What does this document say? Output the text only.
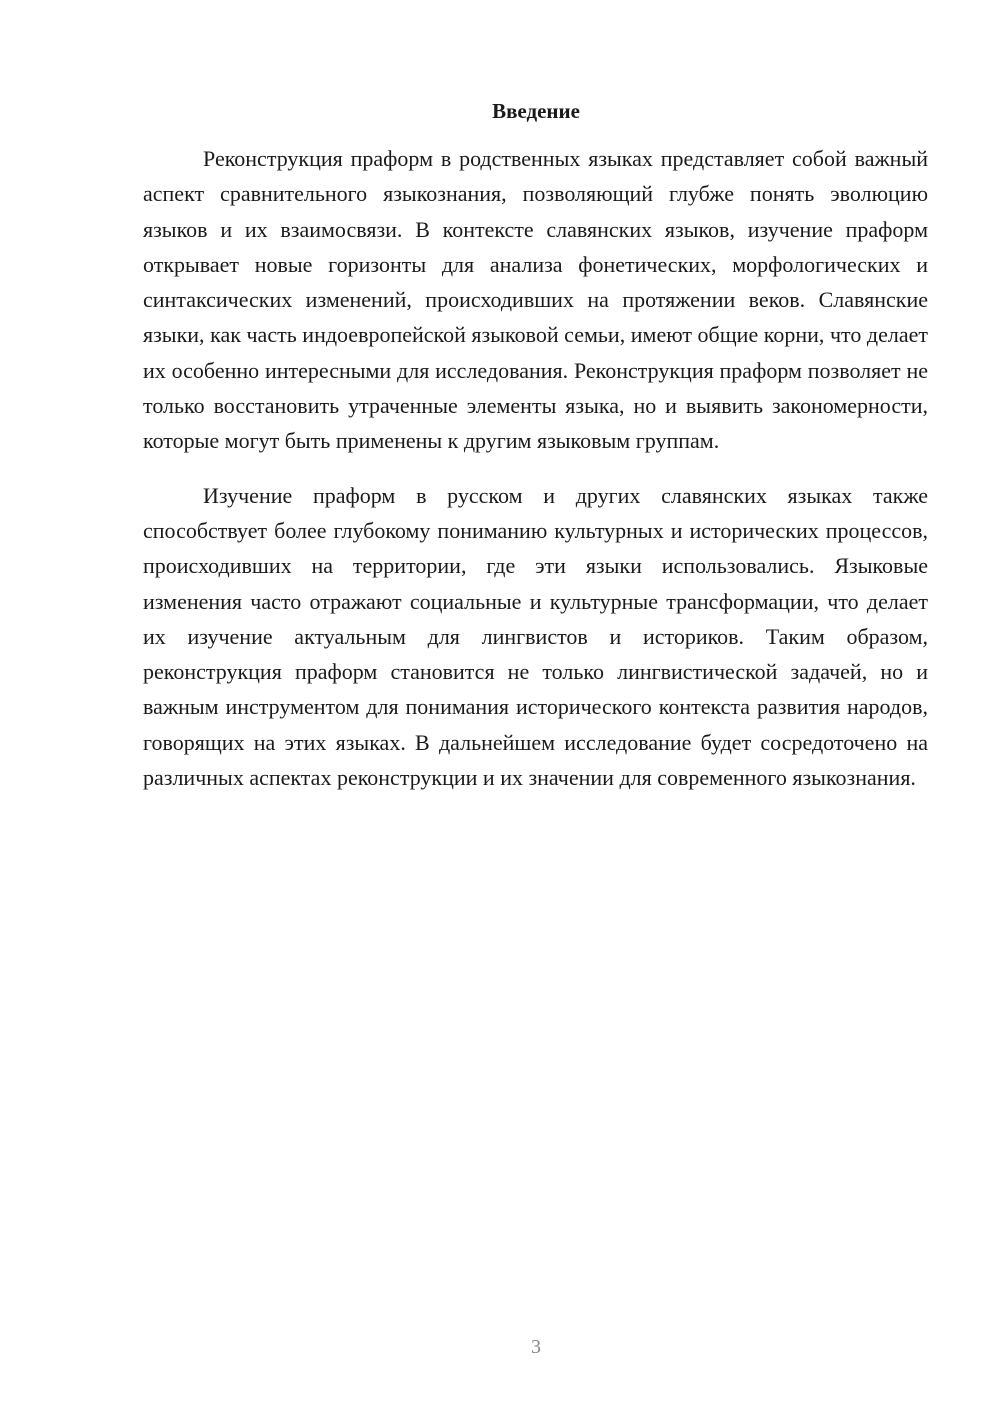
Введение

Реконструкция праформ в родственных языках представляет собой важный аспект сравнительного языкознания, позволяющий глубже понять эволюцию языков и их взаимосвязи. В контексте славянских языков, изучение праформ открывает новые горизонты для анализа фонетических, морфологических и синтаксических изменений, происходивших на протяжении веков. Славянские языки, как часть индоевропейской языковой семьи, имеют общие корни, что делает их особенно интересными для исследования. Реконструкция праформ позволяет не только восстановить утраченные элементы языка, но и выявить закономерности, которые могут быть применены к другим языковым группам.

Изучение праформ в русском и других славянских языках также способствует более глубокому пониманию культурных и исторических процессов, происходивших на территории, где эти языки использовались. Языковые изменения часто отражают социальные и культурные трансформации, что делает их изучение актуальным для лингвистов и историков. Таким образом, реконструкция праформ становится не только лингвистической задачей, но и важным инструментом для понимания исторического контекста развития народов, говорящих на этих языках. В дальнейшем исследование будет сосредоточено на различных аспектах реконструкции и их значении для современного языкознания.

3
